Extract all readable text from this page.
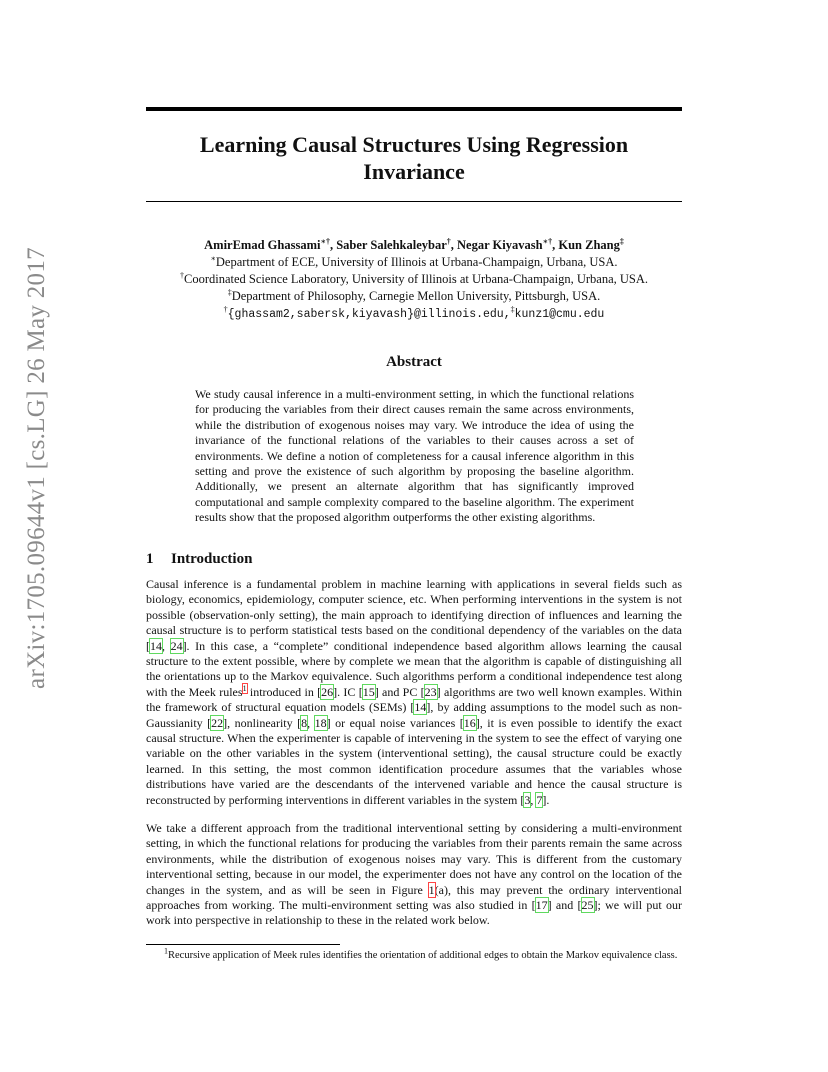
arXiv:1705.09644v1 [cs.LG] 26 May 2017
Learning Causal Structures Using Regression
Invariance
AmirEmad Ghassami∗†, Saber Salehkaleybar†, Negar Kiyavash∗†, Kun Zhang‡
∗Department of ECE, University of Illinois at Urbana-Champaign, Urbana, USA.
†Coordinated Science Laboratory, University of Illinois at Urbana-Champaign, Urbana, USA.
‡Department of Philosophy, Carnegie Mellon University, Pittsburgh, USA.
†{ghassam2,sabersk,kiyavash}@illinois.edu,‡kunz1@cmu.edu
Abstract
We study causal inference in a multi-environment setting, in which the functional relations for producing the variables from their direct causes remain the same across environments, while the distribution of exogenous noises may vary. We introduce the idea of using the invariance of the functional relations of the variables to their causes across a set of environments. We define a notion of completeness for a causal inference algorithm in this setting and prove the existence of such algorithm by proposing the baseline algorithm. Additionally, we present an alternate algorithm that has significantly improved computational and sample complexity compared to the baseline algorithm. The experiment results show that the proposed algorithm outperforms the other existing algorithms.
1 Introduction
Causal inference is a fundamental problem in machine learning with applications in several fields such as biology, economics, epidemiology, computer science, etc. When performing interventions in the system is not possible (observation-only setting), the main approach to identifying direction of influences and learning the causal structure is to perform statistical tests based on the conditional dependency of the variables on the data [14, 24]. In this case, a “complete” conditional independence based algorithm allows learning the causal structure to the extent possible, where by complete we mean that the algorithm is capable of distinguishing all the orientations up to the Markov equivalence. Such algorithms perform a conditional independence test along with the Meek rules$^1$ introduced in [26]. IC [15] and PC [23] algorithms are two well known examples. Within the framework of structural equation models (SEMs) [14], by adding assumptions to the model such as non-Gaussianity [22], nonlinearity [8, 18] or equal noise variances [16], it is even possible to identify the exact causal structure. When the experimenter is capable of intervening in the system to see the effect of varying one variable on the other variables in the system (interventional setting), the causal structure could be exactly learned. In this setting, the most common identification procedure assumes that the variables whose distributions have varied are the descendants of the intervened variable and hence the causal structure is reconstructed by performing interventions in different variables in the system [3, 7].
We take a different approach from the traditional interventional setting by considering a multi-environment setting, in which the functional relations for producing the variables from their parents remain the same across environments, while the distribution of exogenous noises may vary. This is different from the customary interventional setting, because in our model, the experimenter does not have any control on the location of the changes in the system, and as will be seen in Figure 1(a), this may prevent the ordinary interventional approaches from working. The multi-environment setting was also studied in [17] and [25]; we will put our work into perspective in relationship to these in the related work below.
$^1$Recursive application of Meek rules identifies the orientation of additional edges to obtain the Markov equivalence class.
